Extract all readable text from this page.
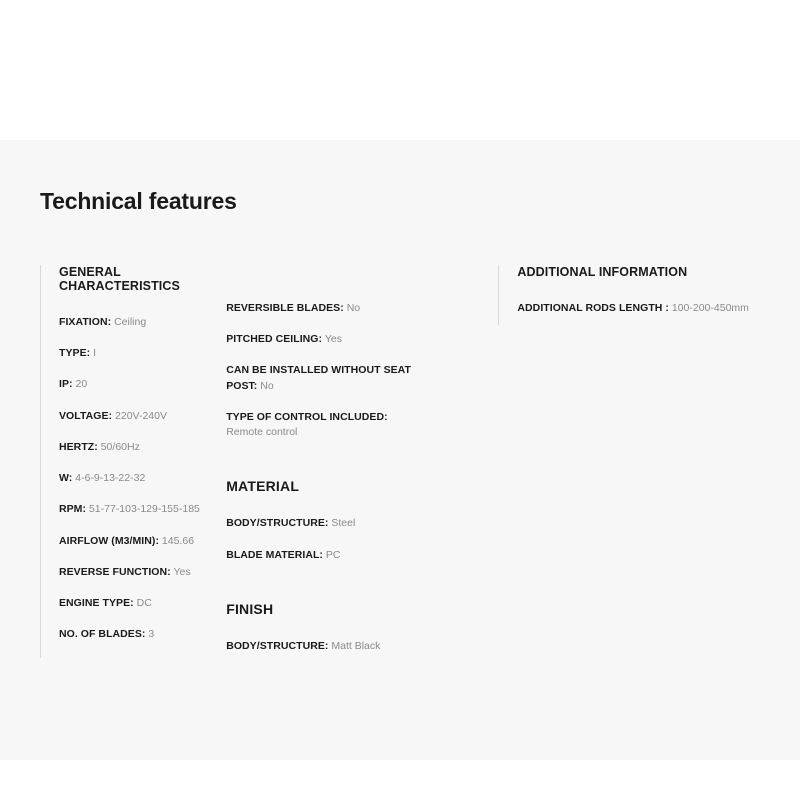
Technical features
GENERAL CHARACTERISTICS
FIXATION: Ceiling
TYPE: I
IP: 20
VOLTAGE: 220V-240V
HERTZ: 50/60Hz
W: 4-6-9-13-22-32
RPM: 51-77-103-129-155-185
AIRFLOW (M3/MIN): 145.66
REVERSE FUNCTION: Yes
ENGINE TYPE: DC
NO. OF BLADES: 3
REVERSIBLE BLADES: No
PITCHED CEILING: Yes
CAN BE INSTALLED WITHOUT SEAT POST: No
TYPE OF CONTROL INCLUDED: Remote control
MATERIAL
BODY/STRUCTURE: Steel
BLADE MATERIAL: PC
FINISH
BODY/STRUCTURE: Matt Black
ADDITIONAL INFORMATION
ADDITIONAL RODS LENGTH : 100-200-450mm
